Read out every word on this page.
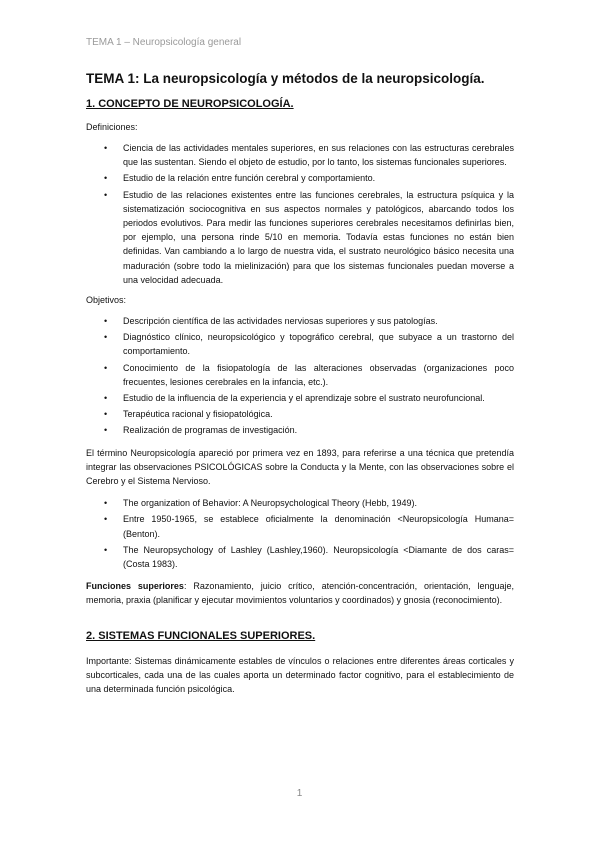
TEMA 1 – Neuropsicología general
TEMA 1: La neuropsicología y métodos de la neuropsicología.
1. CONCEPTO DE NEUROPSICOLOGÍA.
Definiciones:
• Ciencia de las actividades mentales superiores, en sus relaciones con las estructuras cerebrales que las sustentan. Siendo el objeto de estudio, por lo tanto, los sistemas funcionales superiores.
• Estudio de la relación entre función cerebral y comportamiento.
• Estudio de las relaciones existentes entre las funciones cerebrales, la estructura psíquica y la sistematización sociocognitiva en sus aspectos normales y patológicos, abarcando todos los periodos evolutivos. Para medir las funciones superiores cerebrales necesitamos definirlas bien, por ejemplo, una persona rinde 5/10 en memoria. Todavía estas funciones no están bien definidas. Van cambiando a lo largo de nuestra vida, el sustrato neurológico básico necesita una maduración (sobre todo la mielinización) para que los sistemas funcionales puedan moverse a una velocidad adecuada.
Objetivos:
• Descripción científica de las actividades nerviosas superiores y sus patologías.
• Diagnóstico clínico, neuropsicológico y topográfico cerebral, que subyace a un trastorno del comportamiento.
• Conocimiento de la fisiopatología de las alteraciones observadas (organizaciones poco frecuentes, lesiones cerebrales en la infancia, etc.).
• Estudio de la influencia de la experiencia y el aprendizaje sobre el sustrato neurofuncional.
• Terapéutica racional y fisiopatológica.
• Realización de programas de investigación.

El término Neuropsicología apareció por primera vez en 1893, para referirse a una técnica que pretendía integrar las observaciones PSICOLÓGICAS sobre la Conducta y la Mente, con las observaciones sobre el Cerebro y el Sistema Nervioso.

• The organization of Behavior: A Neuropsychological Theory (Hebb, 1949).
• Entre 1950-1965, se establece oficialmente la denominación <Neuropsicología Humana= (Benton).
• The Neuropsychology of Lashley (Lashley,1960). Neuropsicología <Diamante de dos caras= (Costa 1983).

Funciones superiores: Razonamiento, juicio crítico, atención-concentración, orientación, lenguaje, memoria, praxia (planificar y ejecutar movimientos voluntarios y coordinados) y gnosia (reconocimiento).

2. SISTEMAS FUNCIONALES SUPERIORES.

Importante: Sistemas dinámicamente estables de vínculos o relaciones entre diferentes áreas corticales y subcorticales, cada una de las cuales aporta un determinado factor cognitivo, para el establecimiento de una determinada función psicológica.

1
